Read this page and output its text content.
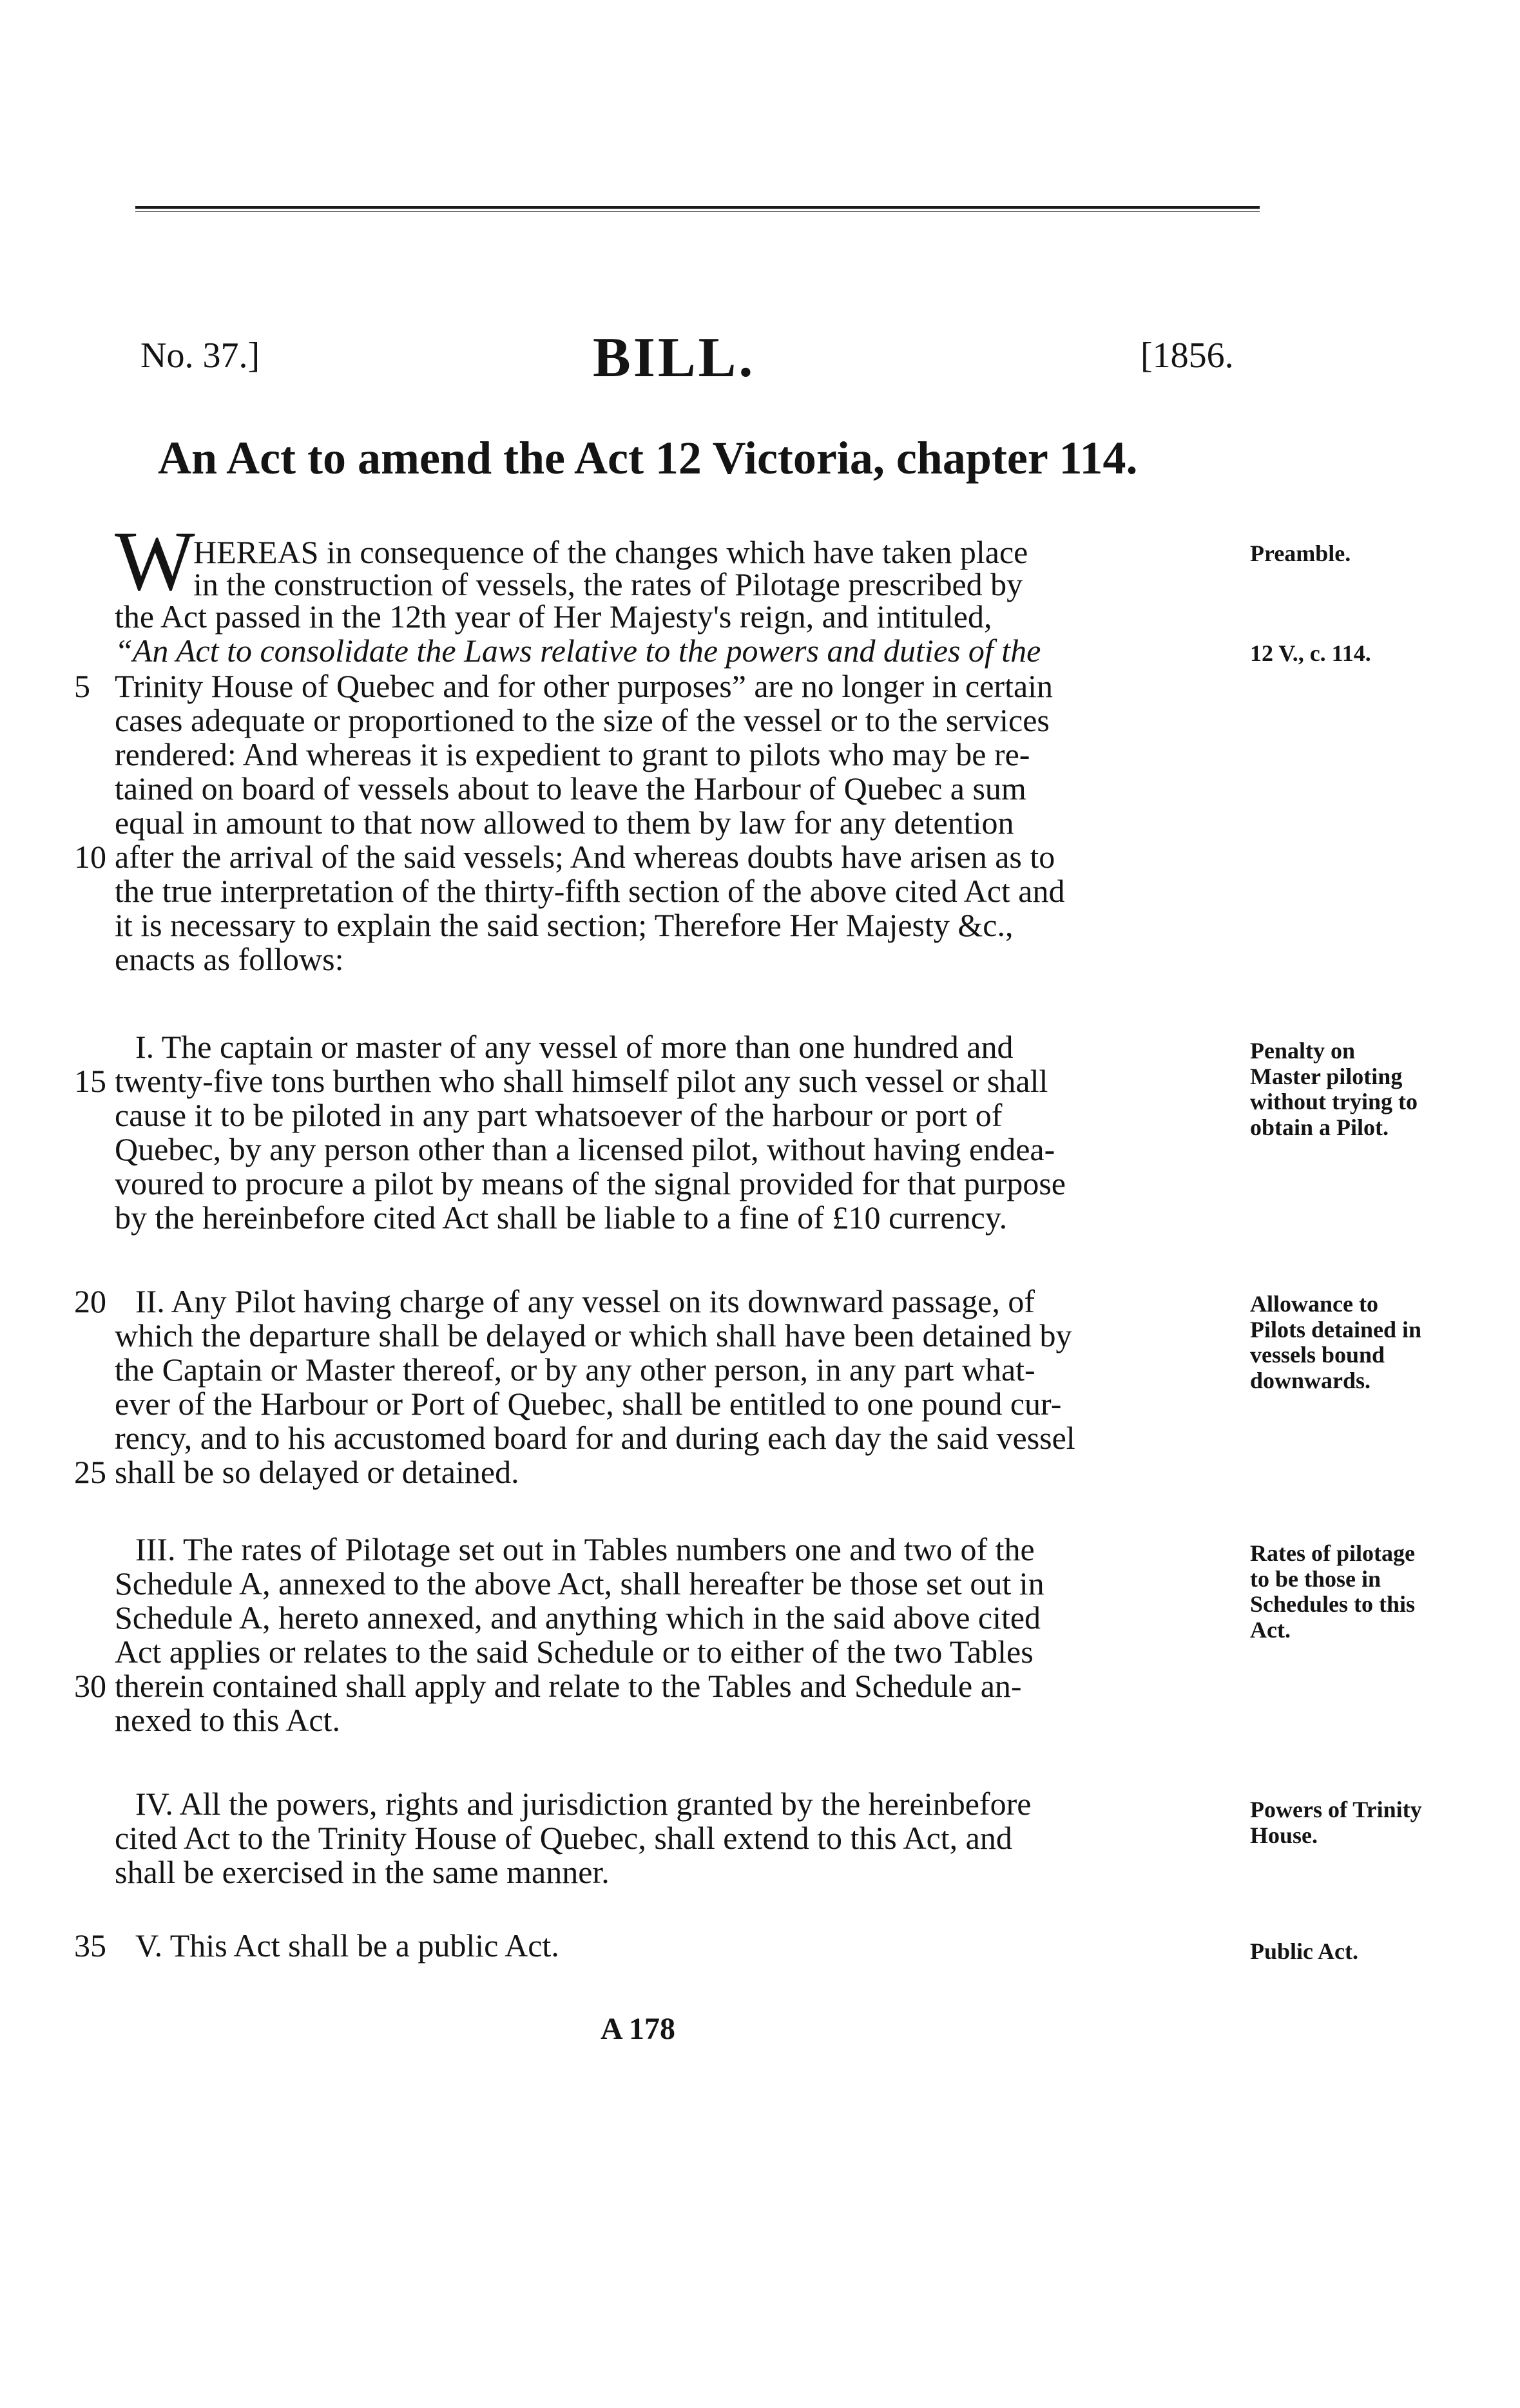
No. 37.]	BILL.	[1856.
An Act to amend the Act 12 Victoria, chapter 114.
W
HEREAS in consequence of the changes which have taken place
in the construction of vessels, the rates of Pilotage prescribed by
the Act passed in the 12th year of Her Majesty's reign, and intituled,
“An Act to consolidate the Laws relative to the powers and duties of the
Trinity House of Quebec and for other purposes” are no longer in certain
cases adequate or proportioned to the size of the vessel or to the services
rendered: And whereas it is expedient to grant to pilots who may be re-
tained on board of vessels about to leave the Harbour of Quebec a sum
equal in amount to that now allowed to them by law for any detention
after the arrival of the said vessels; And whereas doubts have arisen as to
the true interpretation of the thirty-fifth section of the above cited Act and
it is necessary to explain the said section; Therefore Her Majesty &c.,
enacts as follows:
I. The captain or master of any vessel of more than one hundred and
twenty-five tons burthen who shall himself pilot any such vessel or shall
cause it to be piloted in any part whatsoever of the harbour or port of
Quebec, by any person other than a licensed pilot, without having endea-
voured to procure a pilot by means of the signal provided for that purpose
by the hereinbefore cited Act shall be liable to a fine of £10 currency.
II. Any Pilot having charge of any vessel on its downward passage, of
which the departure shall be delayed or which shall have been detained by
the Captain or Master thereof, or by any other person, in any part what-
ever of the Harbour or Port of Quebec, shall be entitled to one pound cur-
rency, and to his accustomed board for and during each day the said vessel
shall be so delayed or detained.
III. The rates of Pilotage set out in Tables numbers one and two of the
Schedule A, annexed to the above Act, shall hereafter be those set out in
Schedule A, hereto annexed, and anything which in the said above cited
Act applies or relates to the said Schedule or to either of the two Tables
therein contained shall apply and relate to the Tables and Schedule an-
nexed to this Act.
IV. All the powers, rights and jurisdiction granted by the hereinbefore
cited Act to the Trinity House of Quebec, shall extend to this Act, and
shall be exercised in the same manner.
V. This Act shall be a public Act.
5
10
15
20
25
30
35
Preamble.
12 V., c. 114.
Penalty on Master piloting without trying to obtain a Pilot.
Allowance to Pilots detained in vessels bound downwards.
Rates of pilotage to be those in Schedules to this Act.
Powers of Trinity House.
Public Act.
A 178
